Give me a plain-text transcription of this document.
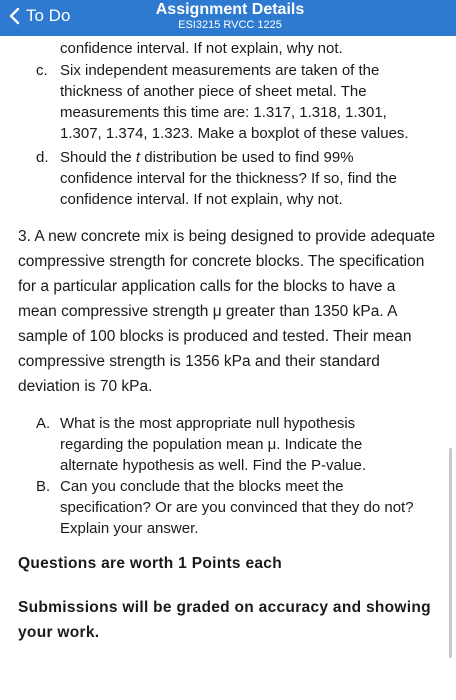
To Do	Assignment Details
ESI3215 RVCC 1225
confidence interval. If not explain, why not.
c. Six independent measurements are taken of the thickness of another piece of sheet metal. The measurements this time are: 1.317, 1.318, 1.301, 1.307, 1.374, 1.323. Make a boxplot of these values.
d. Should the t distribution be used to find 99% confidence interval for the thickness? If so, find the confidence interval. If not explain, why not.
3. A new concrete mix is being designed to provide adequate compressive strength for concrete blocks. The specification for a particular application calls for the blocks to have a mean compressive strength μ greater than 1350 kPa. A sample of 100 blocks is produced and tested. Their mean compressive strength is 1356 kPa and their standard deviation is 70 kPa.
A. What is the most appropriate null hypothesis regarding the population mean μ. Indicate the alternate hypothesis as well. Find the P-value.
B. Can you conclude that the blocks meet the specification? Or are you convinced that they do not? Explain your answer.
Questions are worth 1 Points each
Submissions will be graded on accuracy and showing your work.
